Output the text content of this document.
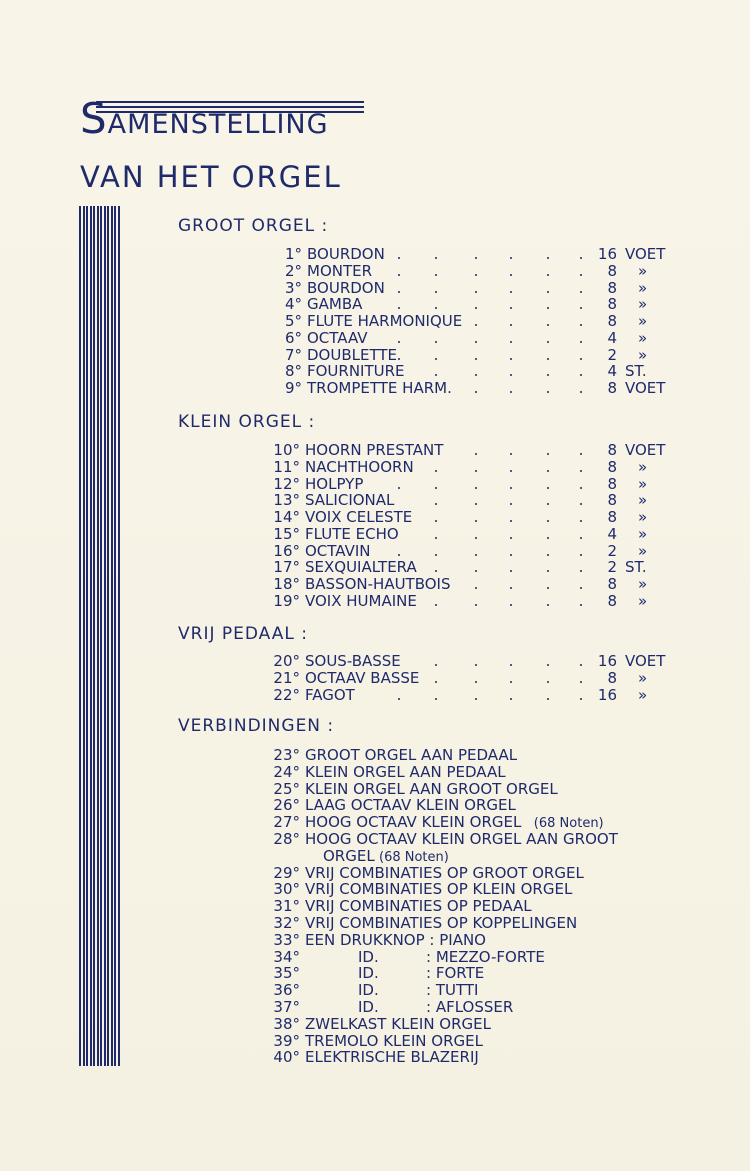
SAMENSTELLING
VAN HET ORGEL
GROOT ORGEL :
1° BOURDON	16 VOET
2° MONTER	8 »
3° BOURDON	8 »
4° GAMBA	8 »
5° FLUTE HARMONIQUE	8 »
6° OCTAAV	4 »
7° DOUBLETTE	2 »
8° FOURNITURE	4 ST.
9° TROMPETTE HARM.	8 VOET
KLEIN ORGEL :
10° HOORN PRESTANT	8 VOET
11° NACHTHOORN	8 »
12° HOLPYP	8 »
13° SALICIONAL	8 »
14° VOIX CELESTE	8 »
15° FLUTE ECHO	4 »
16° OCTAVIN	2 »
17° SEXQUIALTERA	2 ST.
18° BASSON-HAUTBOIS	8 »
19° VOIX HUMAINE	8 »
VRIJ PEDAAL :
20° SOUS-BASSE	16 VOET
21° OCTAAV BASSE	8 »
22° FAGOT	16 »
VERBINDINGEN :
23° GROOT ORGEL AAN PEDAAL
24° KLEIN ORGEL AAN PEDAAL
25° KLEIN ORGEL AAN GROOT ORGEL
26° LAAG OCTAAV KLEIN ORGEL
27° HOOG OCTAAV KLEIN ORGEL (68 Noten)
28° HOOG OCTAAV KLEIN ORGEL AAN GROOT
ORGEL (68 Noten)
29° VRIJ COMBINATIES OP GROOT ORGEL
30° VRIJ COMBINATIES OP KLEIN ORGEL
31° VRIJ COMBINATIES OP PEDAAL
32° VRIJ COMBINATIES OP KOPPELINGEN
33° EEN DRUKKNOP : PIANO
34°	ID.	: MEZZO-FORTE
35°	ID.	: FORTE
36°	ID.	: TUTTI
37°	ID.	: AFLOSSER
38° ZWELKAST KLEIN ORGEL
39° TREMOLO KLEIN ORGEL
40° ELEKTRISCHE BLAZERIJ
